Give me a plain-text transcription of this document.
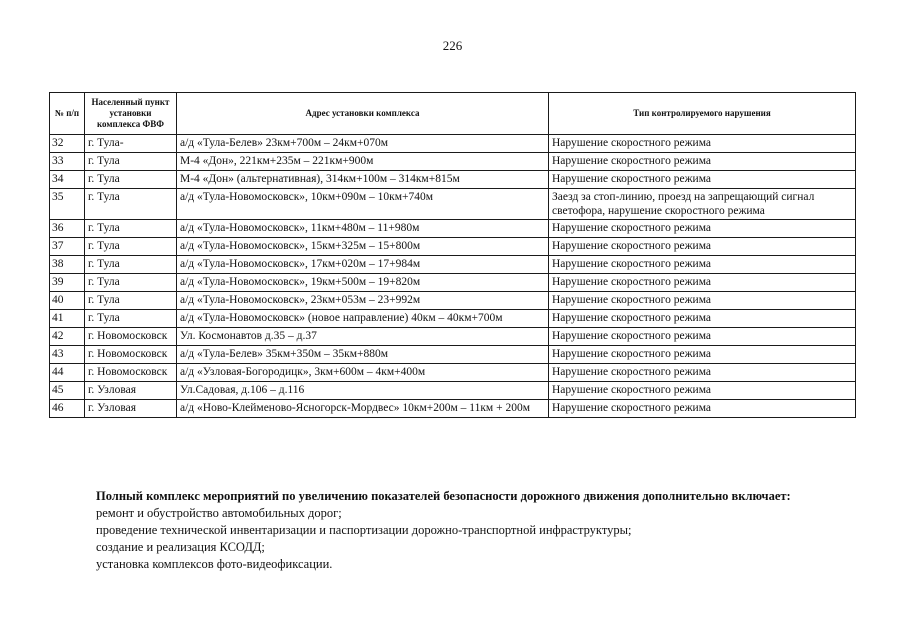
226
№ п/п	Населенный пункт установки комплекса ФВФ	Адрес установки комплекса	Тип контролируемого нарушения
32	г. Тула-	а/д «Тула-Белев» 23км+700м – 24км+070м	Нарушение скоростного режима
33	г. Тула	М-4 «Дон», 221км+235м – 221км+900м	Нарушение скоростного режима
34	г. Тула	М-4 «Дон» (альтернативная), 314км+100м – 314км+815м	Нарушение скоростного режима
35	г. Тула	а/д «Тула-Новомосковск», 10км+090м – 10км+740м	Заезд за стоп-линию, проезд на запрещающий сигнал светофора, нарушение скоростного режима
36	г. Тула	а/д «Тула-Новомосковск», 11км+480м – 11+980м	Нарушение скоростного режима
37	г. Тула	а/д «Тула-Новомосковск», 15км+325м – 15+800м	Нарушение скоростного режима
38	г. Тула	а/д «Тула-Новомосковск», 17км+020м – 17+984м	Нарушение скоростного режима
39	г. Тула	а/д «Тула-Новомосковск», 19км+500м – 19+820м	Нарушение скоростного режима
40	г. Тула	а/д «Тула-Новомосковск», 23км+053м – 23+992м	Нарушение скоростного режима
41	г. Тула	а/д «Тула-Новомосковск» (новое направление) 40км – 40км+700м	Нарушение скоростного режима
42	г. Новомосковск	Ул. Космонавтов д.35 – д.37	Нарушение скоростного режима
43	г. Новомосковск	а/д «Тула-Белев» 35км+350м – 35км+880м	Нарушение скоростного режима
44	г. Новомосковск	а/д «Узловая-Богородицк», 3км+600м – 4км+400м	Нарушение скоростного режима
45	г. Узловая	Ул.Садовая, д.106 – д.116	Нарушение скоростного режима
46	г. Узловая	а/д «Ново-Клейменово-Ясногорск-Мордвес» 10км+200м – 11км + 200м	Нарушение скоростного режима
Полный комплекс мероприятий по увеличению показателей безопасности дорожного движения дополнительно включает:
ремонт и обустройство автомобильных дорог;
проведение технической инвентаризации и паспортизации дорожно-транспортной инфраструктуры;
создание и реализация КСОДД;
установка комплексов фото-видеофиксации.
